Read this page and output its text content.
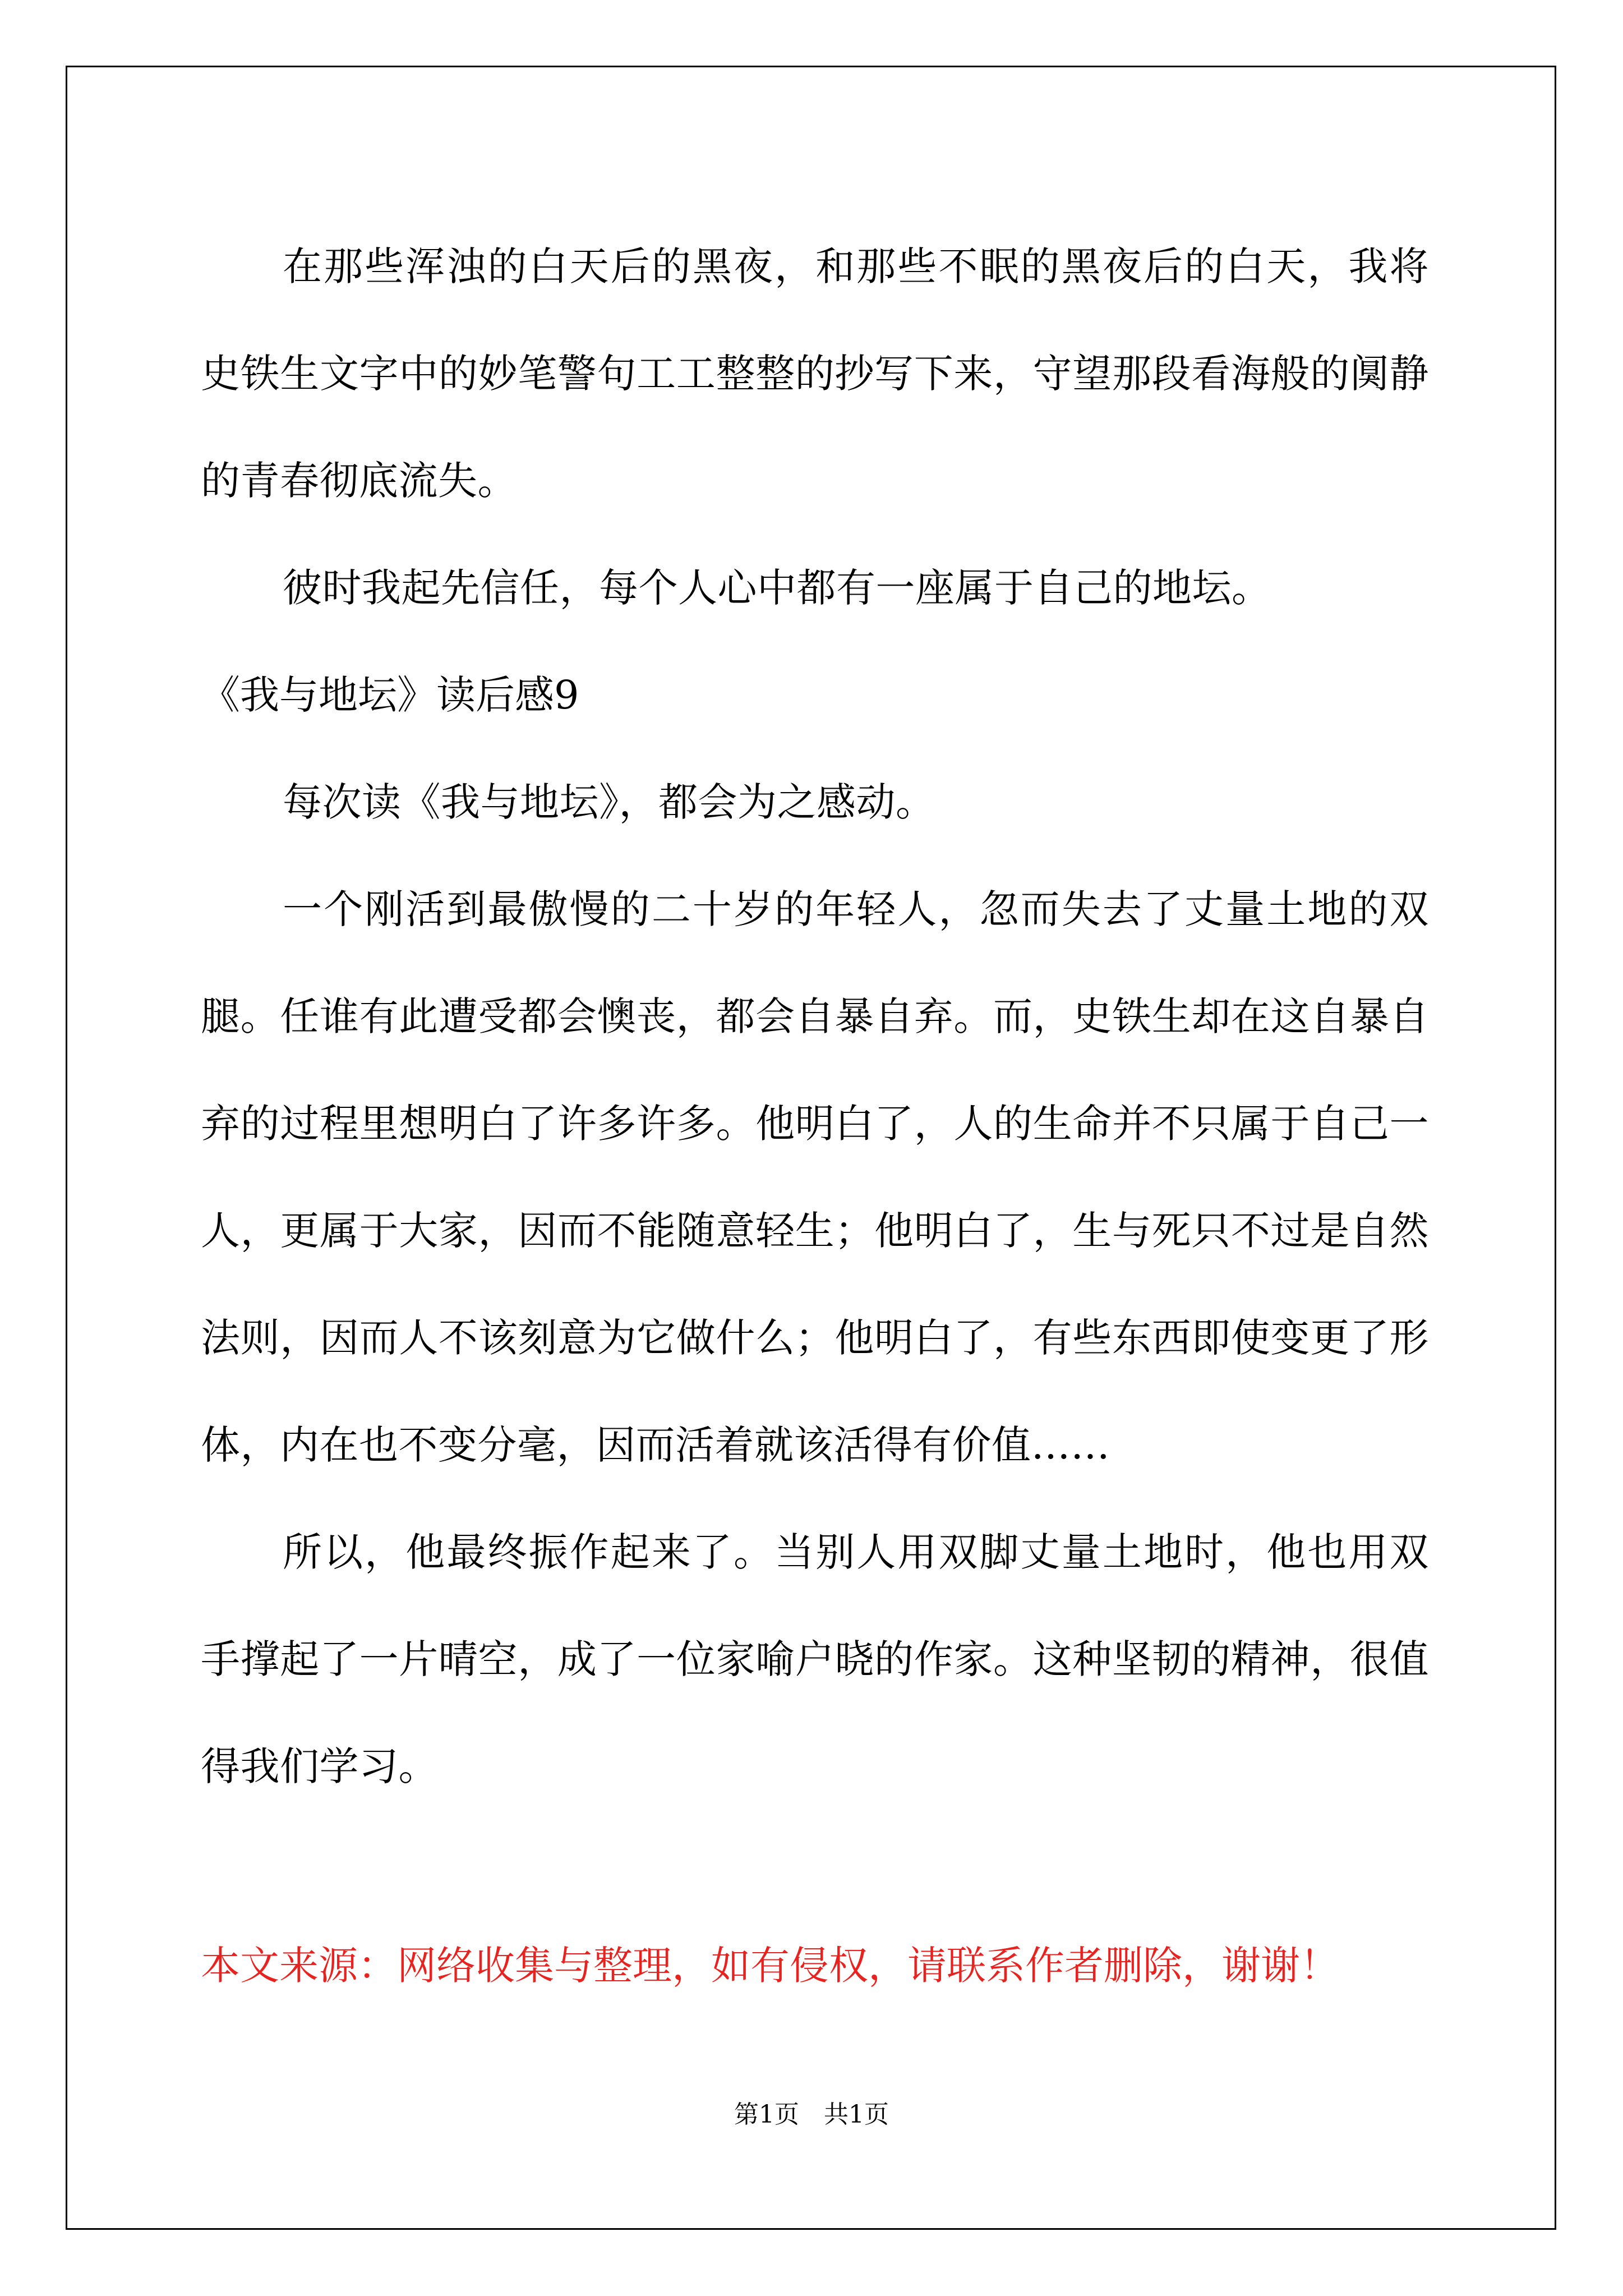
在那些浑浊的白天后的黑夜，和那些不眠的黑夜后的白天，我将史铁生文字中的妙笔警句工工整整的抄写下来，守望那段看海般的阒静的青春彻底流失。

彼时我起先信任，每个人心中都有一座属于自己的地坛。

《我与地坛》读后感9

每次读《我与地坛》，都会为之感动。

一个刚活到最傲慢的二十岁的年轻人，忽而失去了丈量土地的双腿。任谁有此遭受都会懊丧，都会自暴自弃。而，史铁生却在这自暴自弃的过程里想明白了许多许多。他明白了，人的生命并不只属于自己一人，更属于大家，因而不能随意轻生；他明白了，生与死只不过是自然法则，因而人不该刻意为它做什么；他明白了，有些东西即使变更了形体，内在也不变分毫，因而活着就该活得有价值……

所以，他最终振作起来了。当别人用双脚丈量土地时，他也用双手撑起了一片晴空，成了一位家喻户晓的作家。这种坚韧的精神，很值得我们学习。

本文来源：网络收集与整理，如有侵权，请联系作者删除，谢谢！

第1页　共1页
